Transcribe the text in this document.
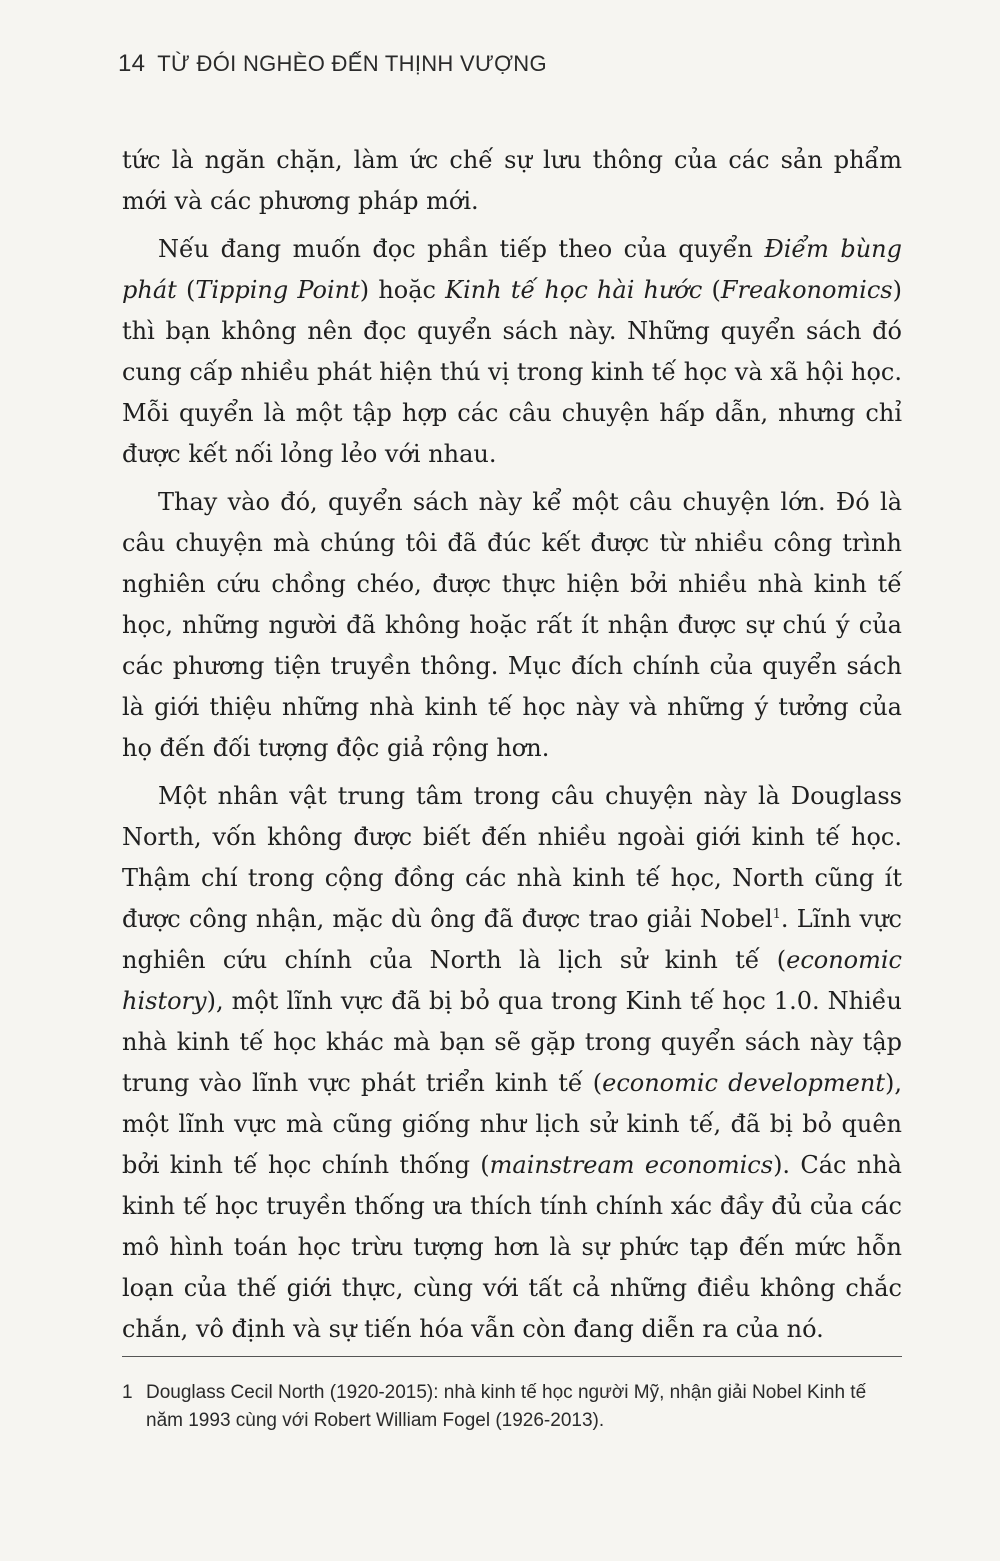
14 TỪ ĐÓI NGHÈO ĐẾN THỊNH VƯỢNG

tức là ngăn chặn, làm ức chế sự lưu thông của các sản phẩm mới và các phương pháp mới.

Nếu đang muốn đọc phần tiếp theo của quyển Điểm bùng phát (Tipping Point) hoặc Kinh tế học hài hước (Freakonomics) thì bạn không nên đọc quyển sách này. Những quyển sách đó cung cấp nhiều phát hiện thú vị trong kinh tế học và xã hội học. Mỗi quyển là một tập hợp các câu chuyện hấp dẫn, nhưng chỉ được kết nối lỏng lẻo với nhau.

Thay vào đó, quyển sách này kể một câu chuyện lớn. Đó là câu chuyện mà chúng tôi đã đúc kết được từ nhiều công trình nghiên cứu chồng chéo, được thực hiện bởi nhiều nhà kinh tế học, những người đã không hoặc rất ít nhận được sự chú ý của các phương tiện truyền thông. Mục đích chính của quyển sách là giới thiệu những nhà kinh tế học này và những ý tưởng của họ đến đối tượng độc giả rộng hơn.

Một nhân vật trung tâm trong câu chuyện này là Douglass North, vốn không được biết đến nhiều ngoài giới kinh tế học. Thậm chí trong cộng đồng các nhà kinh tế học, North cũng ít được công nhận, mặc dù ông đã được trao giải Nobel$^1$. Lĩnh vực nghiên cứu chính của North là lịch sử kinh tế (economic history), một lĩnh vực đã bị bỏ qua trong Kinh tế học 1.0. Nhiều nhà kinh tế học khác mà bạn sẽ gặp trong quyển sách này tập trung vào lĩnh vực phát triển kinh tế (economic development), một lĩnh vực mà cũng giống như lịch sử kinh tế, đã bị bỏ quên bởi kinh tế học chính thống (mainstream economics). Các nhà kinh tế học truyền thống ưa thích tính chính xác đầy đủ của các mô hình toán học trừu tượng hơn là sự phức tạp đến mức hỗn loạn của thế giới thực, cùng với tất cả những điều không chắc chắn, vô định và sự tiến hóa vẫn còn đang diễn ra của nó.

1 Douglass Cecil North (1920-2015): nhà kinh tế học người Mỹ, nhận giải Nobel Kinh tế năm 1993 cùng với Robert William Fogel (1926-2013).
